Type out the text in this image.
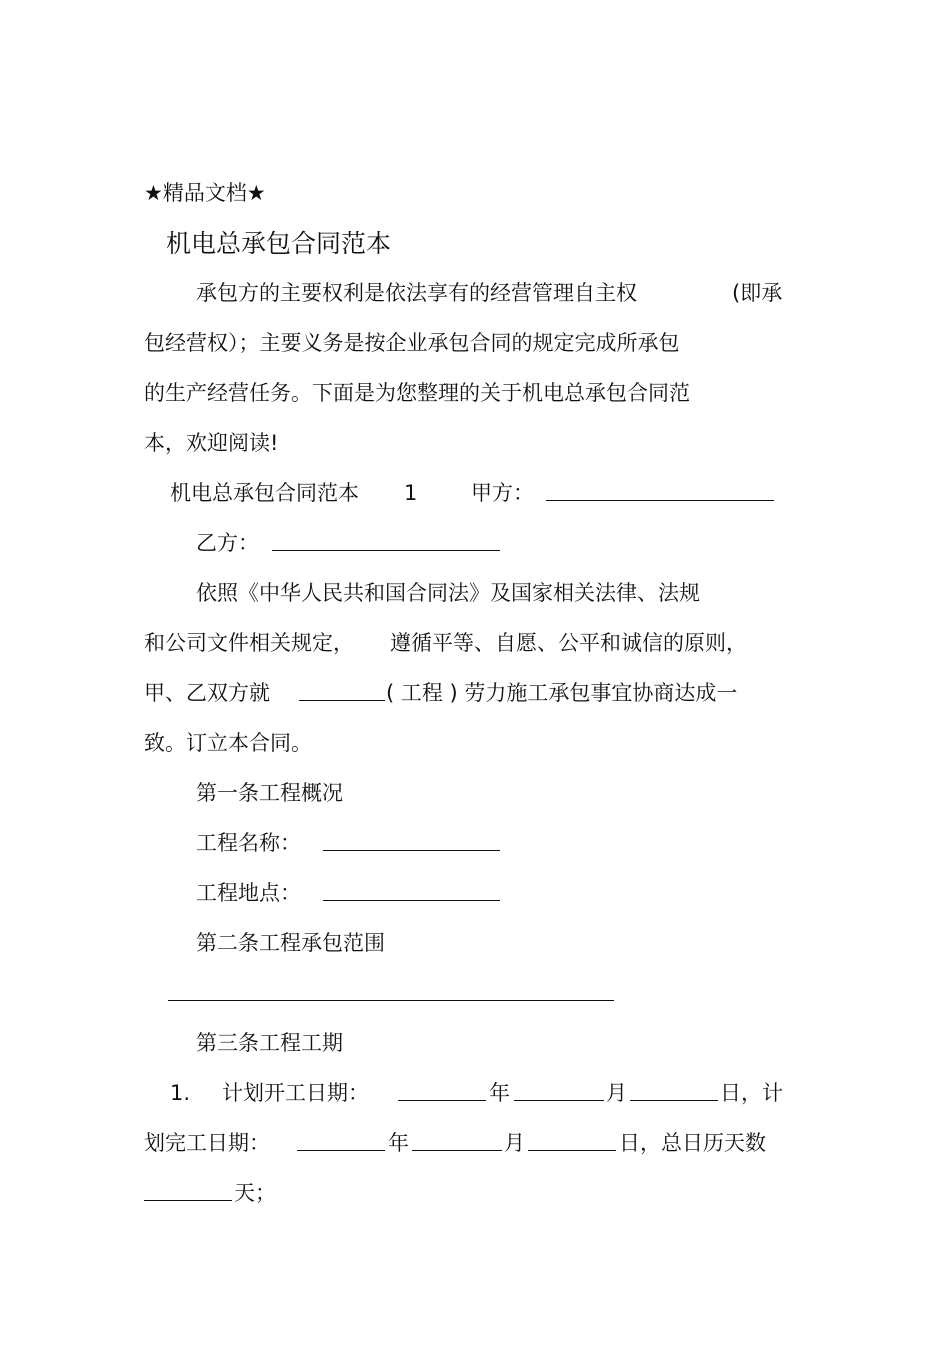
★精品文档★
机电总承包合同范本
承包方的主要权利是依法享有的经营管理自主权	(即承
包经营权）；主要义务是按企业承包合同的规定完成所承包
的生产经营任务。下面是为您整理的关于机电总承包合同范
本，欢迎阅读!
机电总承包合同范本 1	甲方：
乙方：
依照《中华人民共和国合同法》及国家相关法律、法规
和公司文件相关规定， 遵循平等、自愿、公平和诚信的原则，
甲、乙双方就	( 工程 ) 劳力施工承包事宜协商达成一
致。订立本合同。
第一条工程概况
工程名称：
工程地点：
第二条工程承包范围
第三条工程工期
1. 计划开工日期：	年	月	日，计
划完工日期：	年	月	日，总日历天数
天；
